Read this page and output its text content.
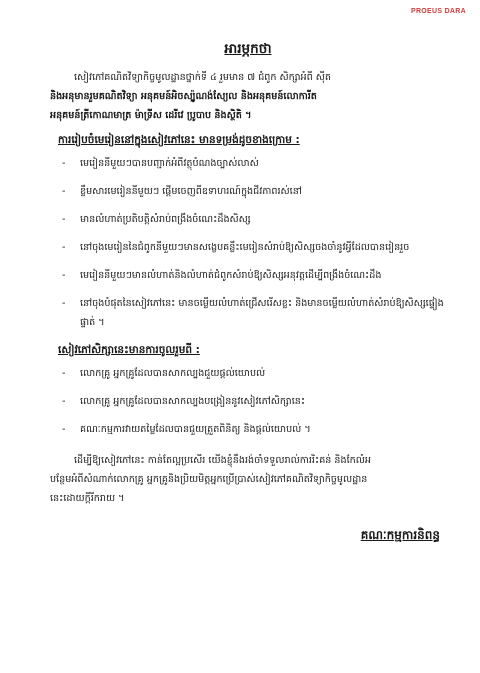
PROEUS DARA
អារម្ភកថា
សៀវភៅគណិតវិទ្យាកិច្ចមូលដ្ឋានថ្នាក់ទី ៤ រួមមាន ៧ ជំពូក សិក្សាអំពី ស៊ីត
និងអនុមានរួមគណិតវិទ្យា អនុគមន៍អិចស្ប៉ូណង់ស្យែល និងអនុគមន៍លោការីត
អនុគមន៍ត្រីកោណមាត្រ ម៉ាទ្រីស ដេរីវេ ប្រូបាប និងស្ថិតិ ។
ការរៀបចំមេរៀននៅក្នុងសៀវភៅនេះ មានទម្រង់ដូចខាងក្រោម :
- មេរៀននីមួយៗបានបញ្ជាក់អំពីវត្ថុបំណងច្បាស់លាស់
- ខ្លឹមសារមេរៀននីមួយៗ ផ្តើមចេញពីឧទាហរណ៍ក្នុងជីវភាពរស់នៅ
- មានលំហាត់ប្រតិបត្តិសំរាប់ពង្រឹងចំណេះដឹងសិស្ស
- នៅចុងមេរៀននៃជំពូកនីមួយៗមានសង្ខេបគន្លឹះមេរៀនសំរាប់ឱ្យសិស្សចងចាំនូវអ្វីដែលបានរៀនរួច
- មេរៀននីមួយៗមានលំហាត់និងលំហាត់ជំពូកសំរាប់ឱ្យសិស្សអនុវត្តដើម្បីពង្រឹងចំណេះដឹង
- នៅចុងបំផុតនៃសៀវភៅនេះ មានចម្លើយលំហាត់ជ្រើសរើសខ្លះ និងមានចម្លើយលំហាត់សំរាប់ឱ្យសិស្សផ្ទៀងផ្ទាត់ ។
សៀវភៅសិក្សានេះមានការចូលរួមពី :
- លោកគ្រូ អ្នកគ្រូដែលបានសាកល្បងជួយផ្តល់យោបល់
- លោកគ្រូ អ្នកគ្រូដែលបានសាកល្បងបង្រៀននូវសៀវភៅសិក្សានេះ
- គណៈកម្មការវាយតម្លៃដែលបានជួយត្រួតពិនិត្យ និងផ្តល់យោបល់ ។
ដើម្បីឱ្យសៀវភៅនេះ កាន់តែល្អប្រសើរ យើងខ្ញុំនឹងរង់ចាំទទួលរាល់ការរិះគន់ និងកែលំអ
បន្ថែមអំពីសំណាក់លោកគ្រូ អ្នកគ្រូនិងប្រិយមិត្តអ្នកប្រើប្រាស់សៀវភៅគណិតវិទ្យាកិច្ចមូលដ្ឋាន
នេះដោយក្តីរីករាយ ។
គណៈកម្មការនិពន្ធ
